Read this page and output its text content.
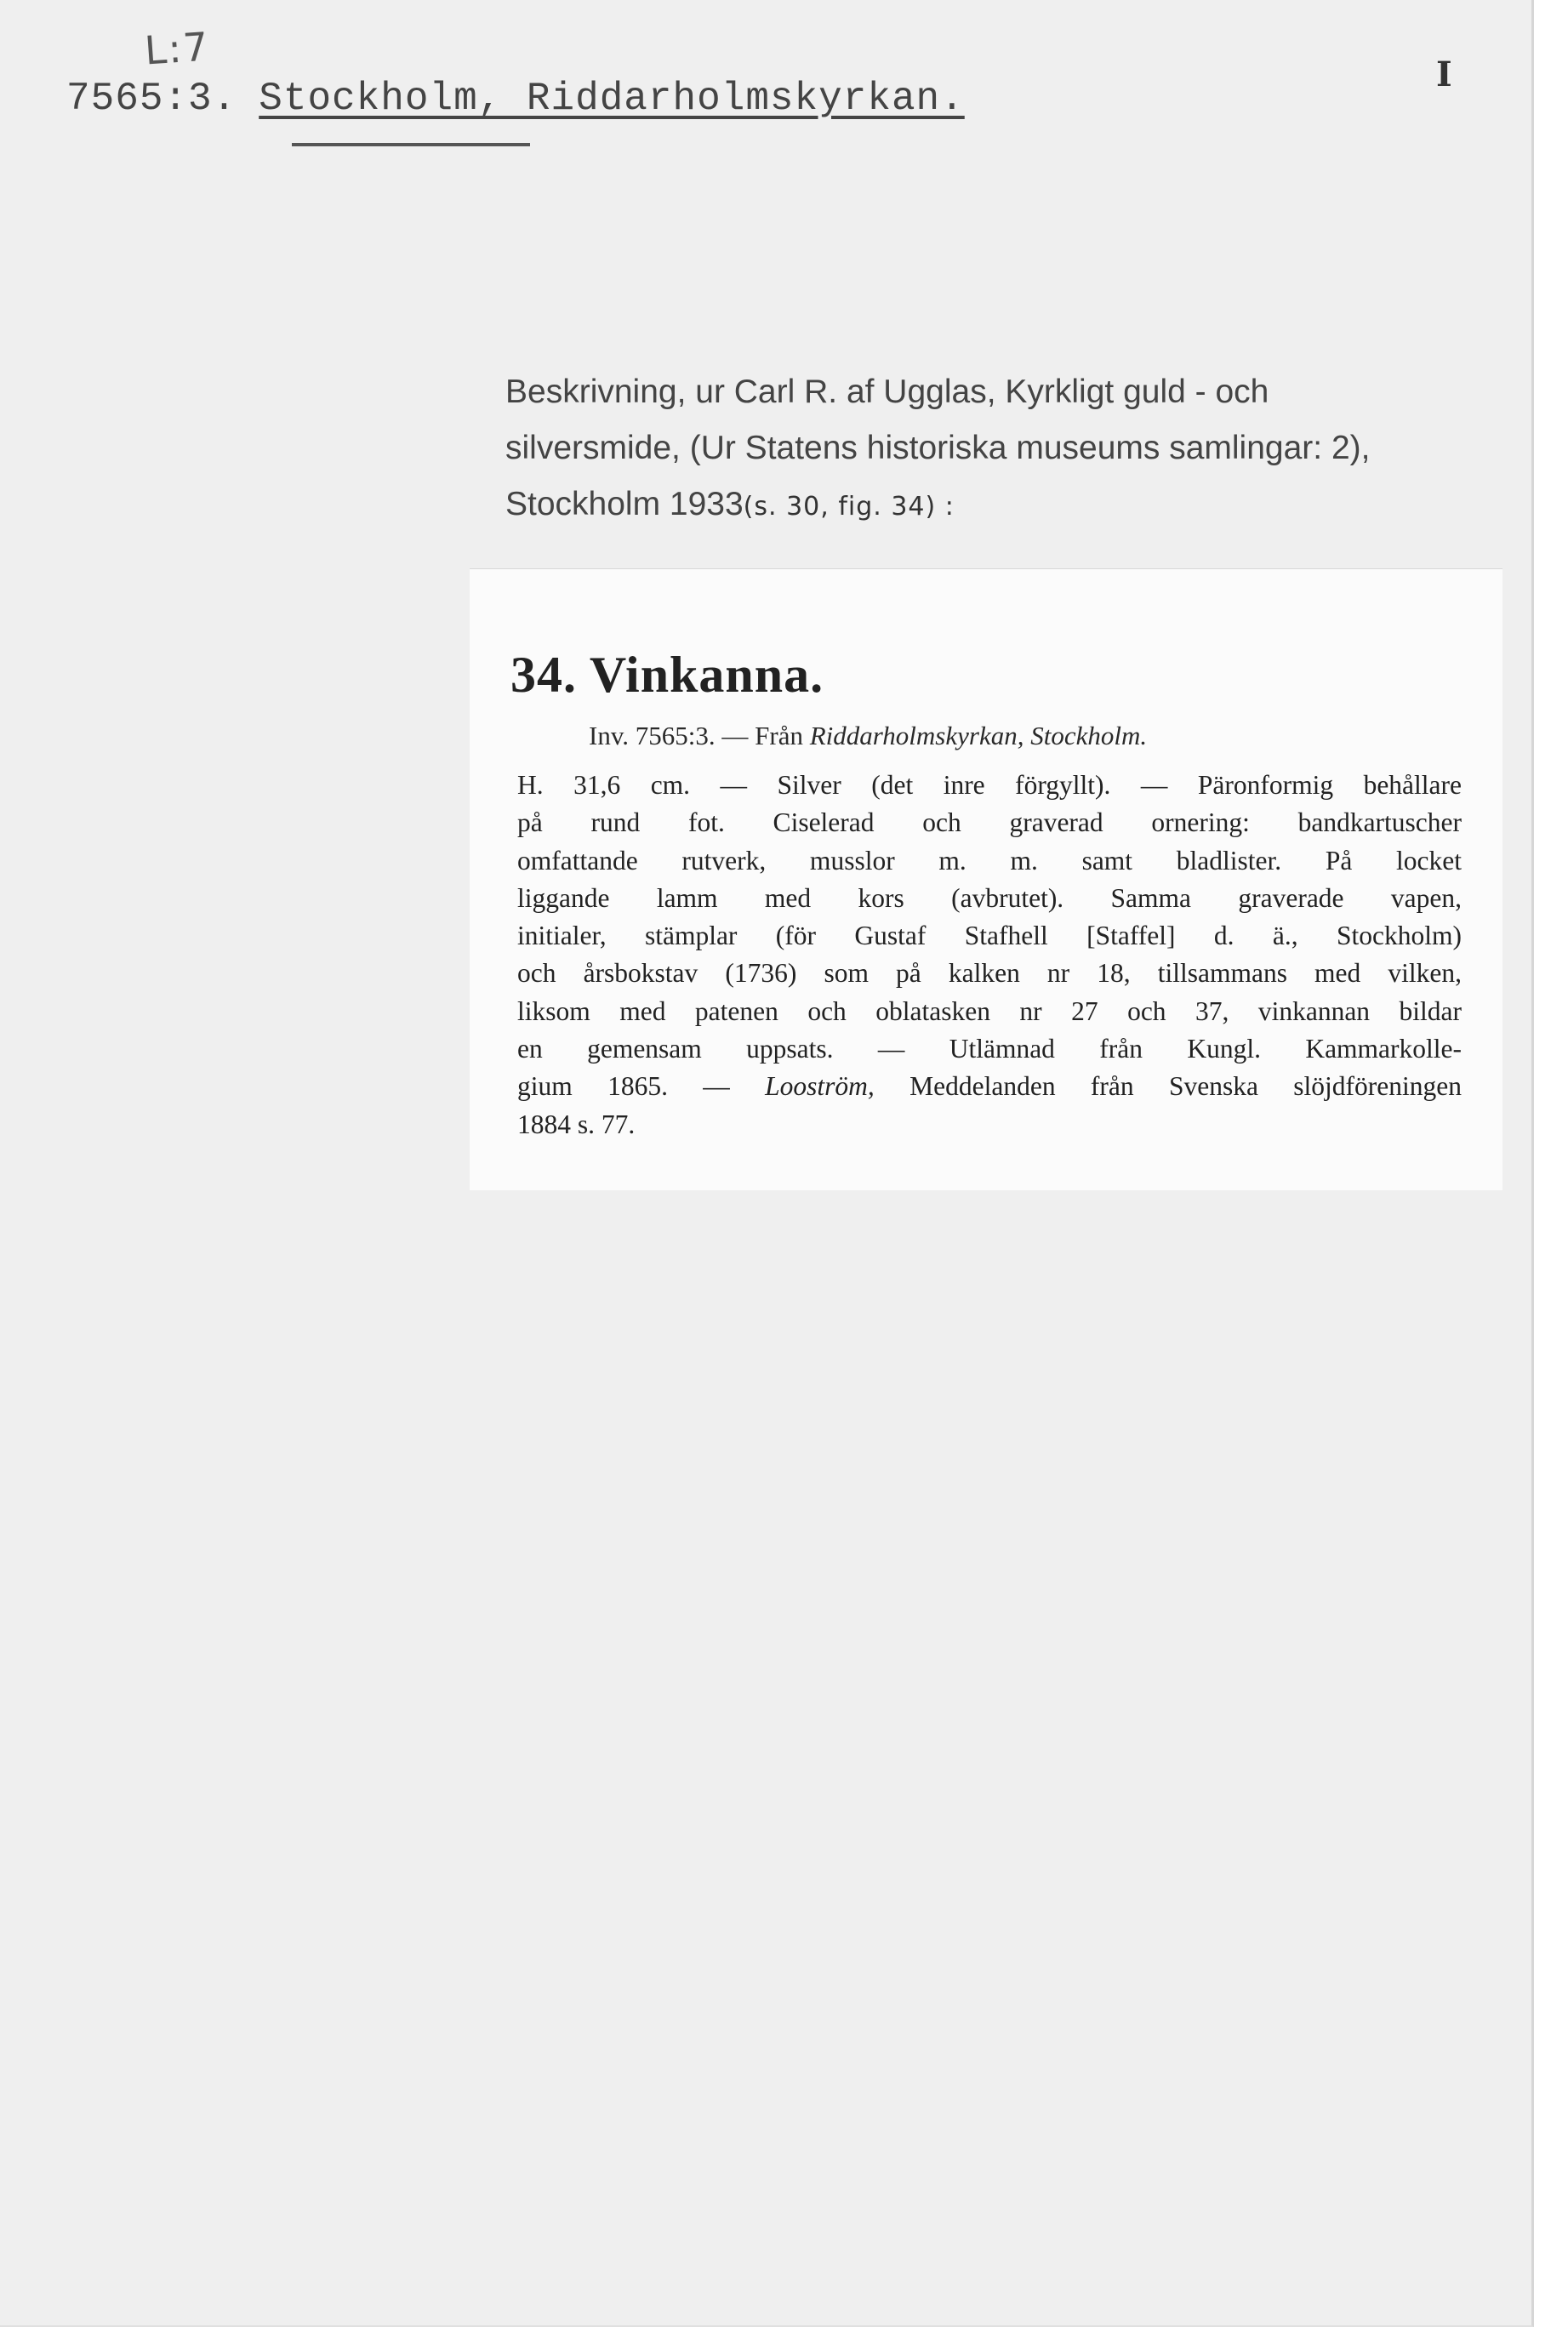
L:7
I
7565:3. Stockholm, Riddarholmskyrkan.
Beskrivning, ur Carl R. af Ugglas, Kyrkligt guld - och
silversmide, (Ur Statens historiska museums samlingar: 2),
Stockholm 1933(s. 30, fig. 34) :
34. Vinkanna.
Inv. 7565:3. — Från Riddarholmskyrkan, Stockholm.
H. 31,6 cm. — Silver (det inre förgyllt). — Päronformig behållare
på rund fot. Ciselerad och graverad ornering: bandkartuscher
omfattande rutverk, musslor m. m. samt bladlister. På locket
liggande lamm med kors (avbrutet). Samma graverade vapen,
initialer, stämplar (för Gustaf Stafhell [Staffel] d. ä., Stockholm)
och årsbokstav (1736) som på kalken nr 18, tillsammans med vilken,
liksom med patenen och oblatasken nr 27 och 37, vinkannan bildar
en gemensam uppsats. — Utlämnad från Kungl. Kammarkolle-
gium 1865. — Looström, Meddelanden från Svenska slöjdföreningen
1884 s. 77.
